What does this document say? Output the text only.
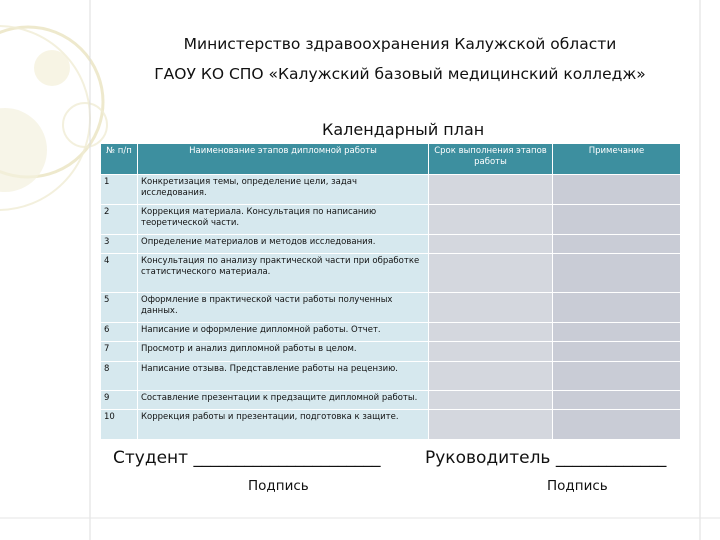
Министерство здравоохранения Калужской области
ГАОУ КО СПО «Калужский базовый медицинский колледж»
Календарный план
№ п/п	Наименование этапов дипломной работы	Срок выполнения этапов работы	Примечание
1	Конкретизация темы, определение цели, задач исследования.		
2	Коррекция материала. Консультация по написанию теоретической части.		
3	Определение материалов и методов исследования.		
4	Консультация по анализу практической части при обработке статистического материала.		
5	Оформление в практической части работы полученных данных.		
6	Написание и оформление дипломной работы. Отчет.		
7	Просмотр и анализ дипломной работы в целом.		
8	Написание отзыва. Представление работы на рецензию.		
9	Составление презентации к предзащите дипломной работы.		
10	Коррекция работы и презентации, подготовка к защите.		
Студент ______________________	Руководитель _____________
Подпись	Подпись
